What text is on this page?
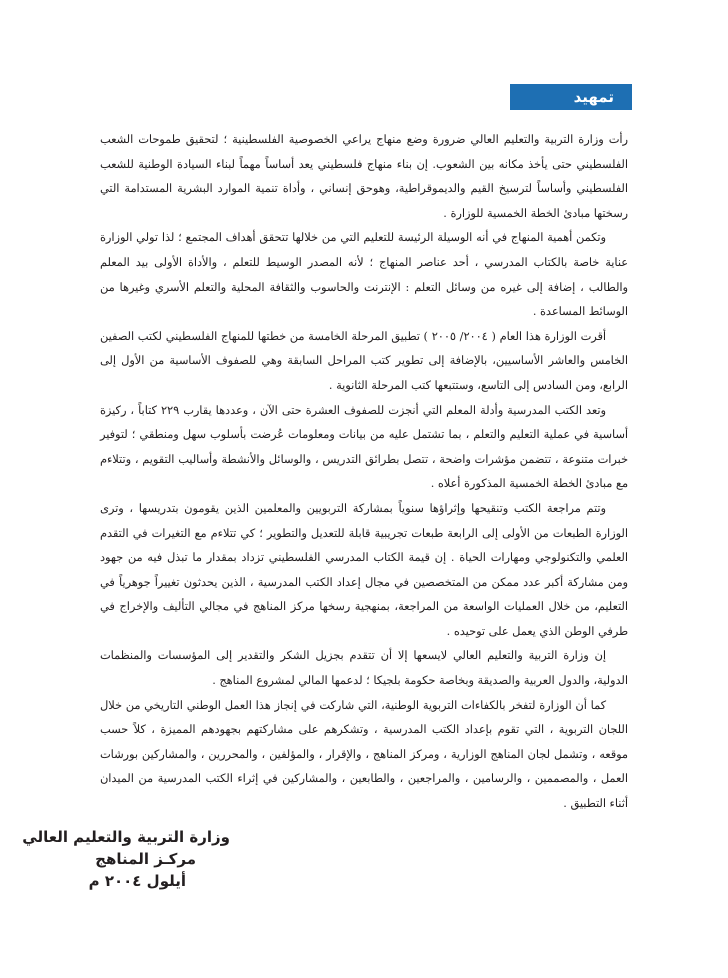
تمهيد

رأت وزارة التربية والتعليم العالي ضرورة وضع منهاج يراعي الخصوصية الفلسطينية ؛ لتحقيق طموحات الشعب الفلسطيني حتى يأخذ مكانه بين الشعوب. إن بناء منهاج فلسطيني يعد أساساً مهماً لبناء السيادة الوطنية للشعب الفلسطيني وأساساً لترسيخ القيم والديموقراطية، وهوحق إنساني ، وأداة تنمية الموارد البشرية المستدامة التي رسختها مبادئ الخطة الخمسية للوزارة .

وتكمن أهمية المنهاج في أنه الوسيلة الرئيسة للتعليم التي من خلالها تتحقق أهداف المجتمع ؛ لذا تولي الوزارة عناية خاصة بالكتاب المدرسي ، أحد عناصر المنهاج ؛ لأنه المصدر الوسيط للتعلم ، والأداة الأولى بيد المعلم والطالب ، إضافة إلى غيره من وسائل التعلم : الإنترنت والحاسوب والثقافة المحلية والتعلم الأسري وغيرها من الوسائط المساعدة .

أقرت الوزارة هذا العام ( ٢٠٠٤/ ٢٠٠٥ ) تطبيق المرحلة الخامسة من خطتها للمنهاج الفلسطيني لكتب الصفين الخامس والعاشر الأساسيين، بالإضافة إلى تطوير كتب المراحل السابقة وهي للصفوف الأساسية من الأول إلى الرابع، ومن السادس إلى التاسع، وستتبعها كتب المرحلة الثانوية .

وتعد الكتب المدرسية وأدلة المعلم التي أنجزت للصفوف العشرة حتى الآن ، وعددها يقارب ٢٢٩ كتاباً ، ركيزة أساسية في عملية التعليم والتعلم ، بما تشتمل عليه من بيانات ومعلومات عُرضت بأسلوب سهل ومنطقي ؛ لتوفير خبرات متنوعة ، تتضمن مؤشرات واضحة ، تتصل بطرائق التدريس ، والوسائل والأنشطة وأساليب التقويم ، وتتلاءم مع مبادئ الخطة الخمسية المذكورة أعلاه .

وتتم مراجعة الكتب وتنقيحها وإثراؤها سنوياً بمشاركة التربويين والمعلمين الذين يقومون بتدريسها ، وترى الوزارة الطبعات من الأولى إلى الرابعة طبعات تجريبية قابلة للتعديل والتطوير ؛ كي تتلاءم مع التغيرات في التقدم العلمي والتكنولوجي ومهارات الحياة . إن قيمة الكتاب المدرسي الفلسطيني تزداد بمقدار ما تبذل فيه من جهود ومن مشاركة أكبر عدد ممكن من المتخصصين في مجال إعداد الكتب المدرسية ، الذين يحدثون تغييراً جوهرياً في التعليم، من خلال العمليات الواسعة من المراجعة، بمنهجية رسخها مركز المناهج في مجالي التأليف والإخراج في طرفي الوطن الذي يعمل على توحيده .

إن وزارة التربية والتعليم العالي لايسعها إلا أن تتقدم بجزيل الشكر والتقدير إلى المؤسسات والمنظمات الدولية، والدول العربية والصديقة وبخاصة حكومة بلجيكا ؛ لدعمها المالي لمشروع المناهج .

كما أن الوزارة لتفخر بالكفاءات التربوية الوطنية، التي شاركت في إنجاز هذا العمل الوطني التاريخي من خلال اللجان التربوية ، التي تقوم بإعداد الكتب المدرسية ، وتشكرهم على مشاركتهم بجهودهم المميزة ، كلاً حسب موقعه ، وتشمل لجان المناهج الوزارية ، ومركز المناهج ، والإقرار ، والمؤلفين ، والمحررين ، والمشاركين بورشات العمل ، والمصممين ، والرسامين ، والمراجعين ، والطابعين ، والمشاركين في إثراء الكتب المدرسية من الميدان أثناء التطبيق .

وزارة التربية والتعليم العالي
مركـز المناهج
أيلول ٢٠٠٤ م
